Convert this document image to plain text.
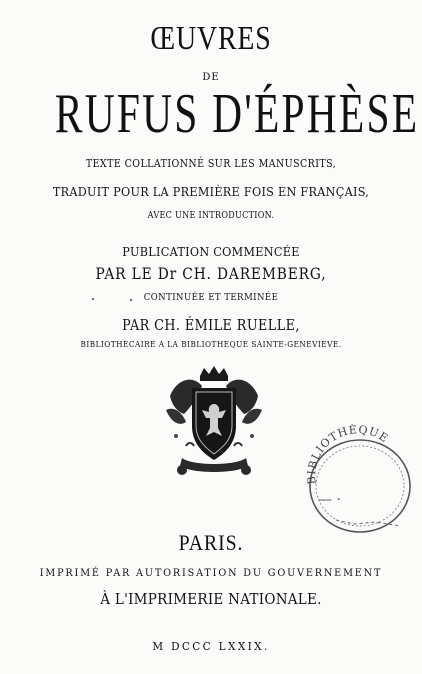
ŒUVRES
DE
RUFUS D'ÉPHÈSE
TEXTE COLLATIONNÉ SUR LES MANUSCRITS,
TRADUIT POUR LA PREMIÈRE FOIS EN FRANÇAIS,
AVEC UNE INTRODUCTION.
PUBLICATION COMMENCÉE
PAR LE Dr CH. DAREMBERG,
CONTINUÉE ET TERMINÉE
PAR CH. ÉMILE RUELLE,
BIBLIOTHÉCAIRE À LA BIBLIOTHÈQUE SAINTE-GENEVIÈVE.
BIBLIOTHÈQUE
— ·
PARIS.
IMPRIMÉ PAR AUTORISATION DU GOUVERNEMENT
À L'IMPRIMERIE NATIONALE.
M DCCC LXXIX.
